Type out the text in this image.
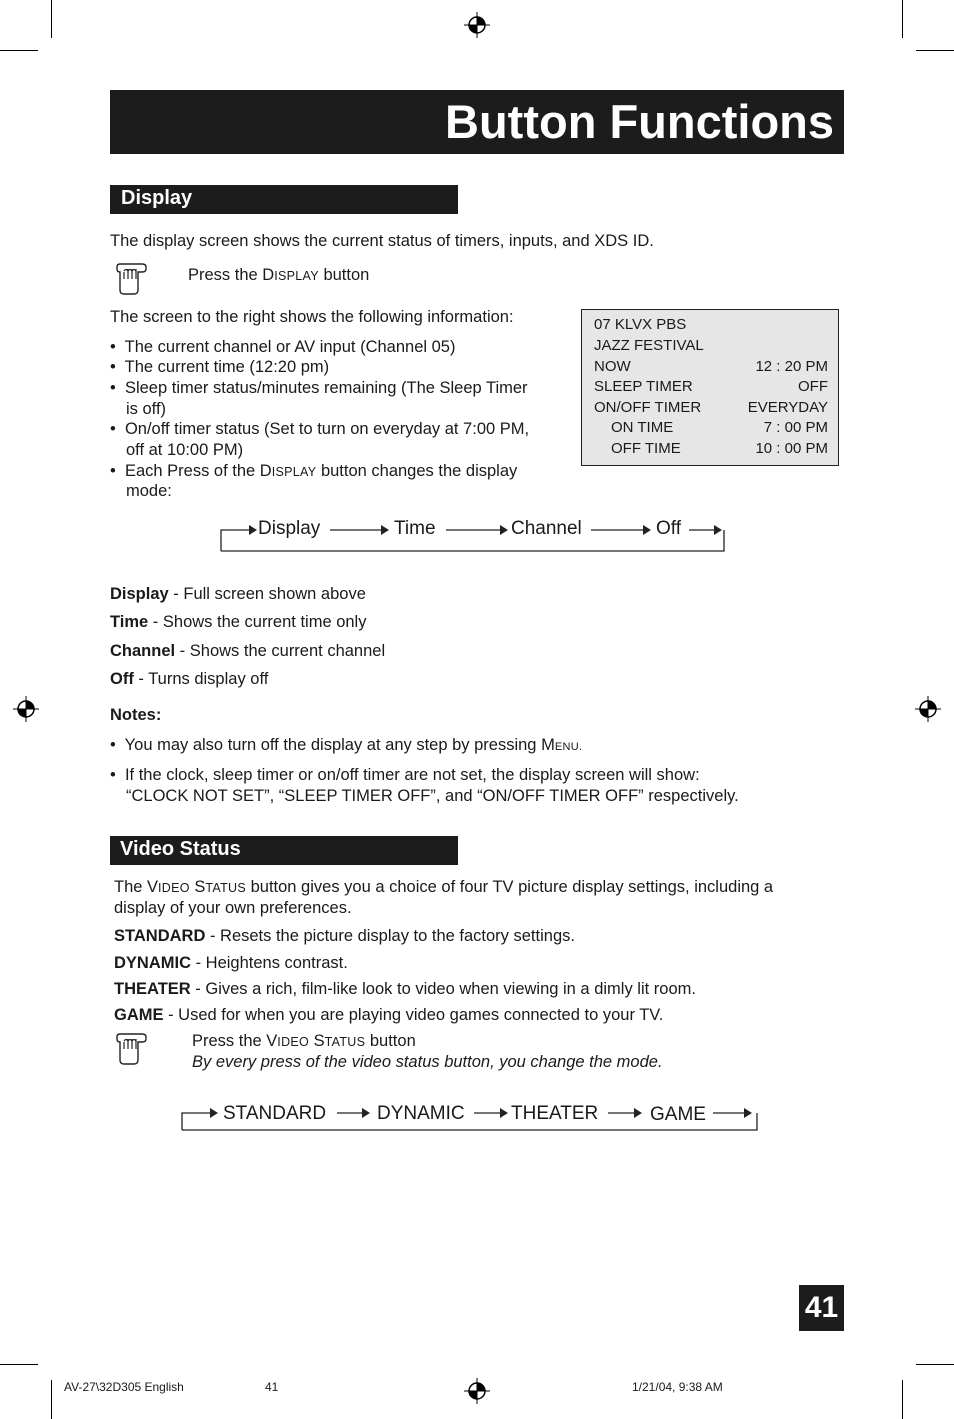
Button Functions
Display
The display screen shows the current status of timers, inputs, and XDS ID.
Press the DISPLAY button
The screen to the right shows the following information:
•  The current channel or AV input (Channel 05)
•  The current time (12:20 pm)
•  Sleep timer status/minutes remaining (The Sleep Timer
is off)
•  On/off timer status (Set to turn on everyday at 7:00 PM,
off at 10:00 PM)
•  Each Press of the DISPLAY button changes the display
mode:
07 KLVX PBS
JAZZ FESTIVAL
NOW	12 : 20 PM
SLEEP TIMER	OFF
ON/OFF TIMER	EVERYDAY
ON TIME	7 : 00 PM
OFF TIME	10 : 00 PM
Display	Time	Channel	Off
Display - Full screen shown above
Time - Shows the current time only
Channel - Shows the current channel
Off - Turns display off
Notes:
•  You may also turn off the display at any step by pressing MENU.
•  If the clock, sleep timer or on/off timer are not set, the display screen will show:
“CLOCK NOT SET”, “SLEEP TIMER OFF”, and “ON/OFF TIMER OFF” respectively.
Video Status
The VIDEO STATUS button gives you a choice of four TV picture display settings, including a
display of your own preferences.
STANDARD - Resets the picture display to the factory settings.
DYNAMIC - Heightens contrast.
THEATER - Gives a rich, film-like look to video when viewing in a dimly lit room.
GAME - Used for when you are playing video games connected to your TV.
Press the VIDEO STATUS button
By every press of the video status button, you change the mode.
STANDARD	DYNAMIC THEATER	GAME
41
AV-27\32D305 English	41	1/21/04, 9:38 AM
